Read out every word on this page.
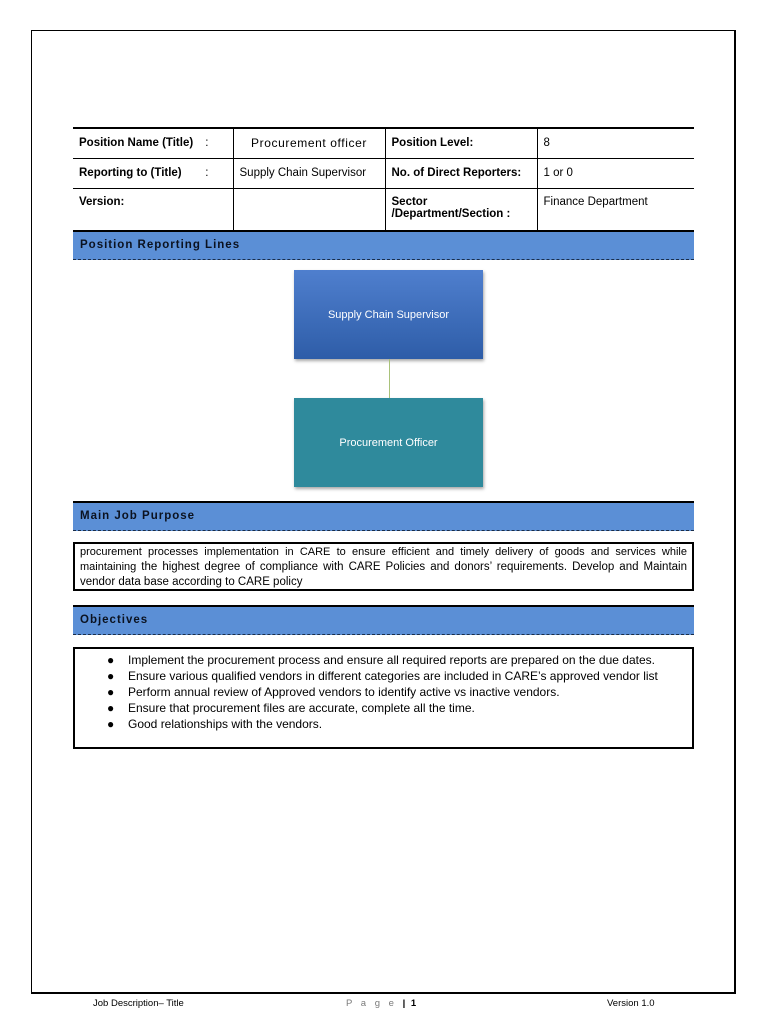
Position Name (Title) :	Procurement officer	Position Level:	8
Reporting to (Title) :	Supply Chain Supervisor	No. of Direct Reporters:	1 or 0
Version:		Sector /Department/Section :	Finance Department
Position Reporting Lines
Supply Chain Supervisor
Procurement Officer
Main Job Purpose
procurement processes implementation in CARE to ensure efficient and timely delivery of goods and services while maintaining the highest degree of compliance with CARE Policies and donors’ requirements. Develop and Maintain vendor data base according to CARE policy
Objectives
● Implement the procurement process and ensure all required reports are prepared on the due dates.
● Ensure various qualified vendors in different categories are included in CARE’s approved vendor list
● Perform annual review of Approved vendors to identify active vs inactive vendors.
● Ensure that procurement files are accurate, complete all the time.
● Good relationships with the vendors.
Job Description– Title	P a g e | 1	Version 1.0
